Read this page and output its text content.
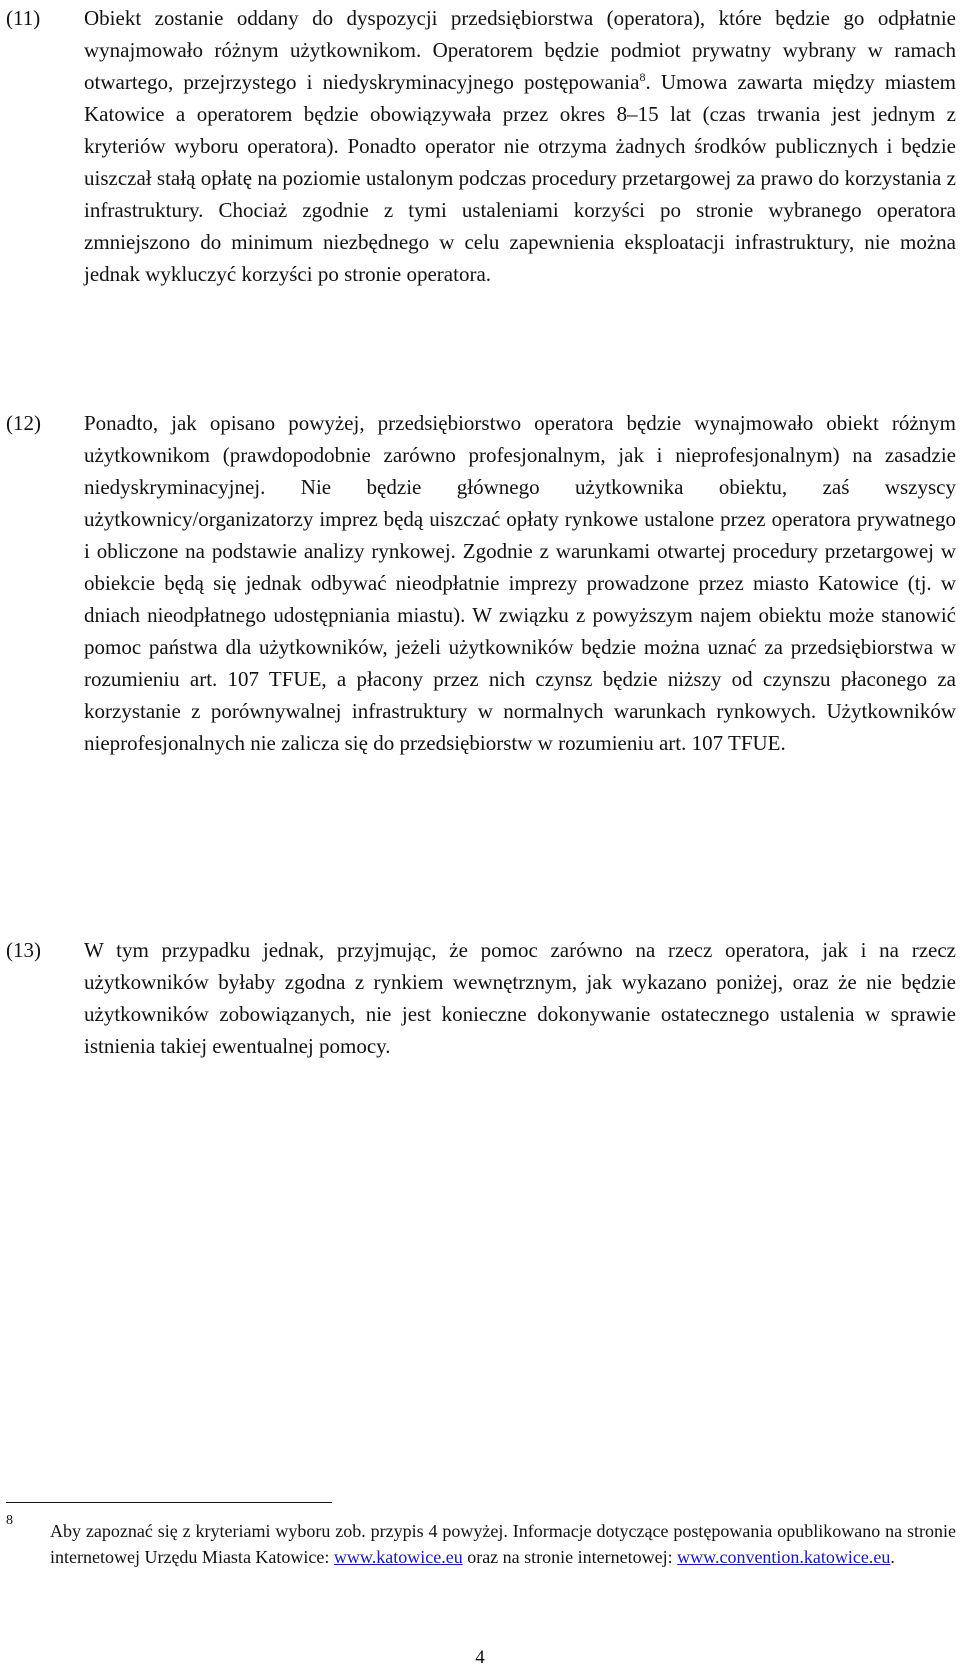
(11) Obiekt zostanie oddany do dyspozycji przedsiębiorstwa (operatora), które będzie go odpłatnie wynajmowało różnym użytkownikom. Operatorem będzie podmiot prywatny wybrany w ramach otwartego, przejrzystego i niedyskryminacyjnego postępowania$^8$. Umowa zawarta między miastem Katowice a operatorem będzie obowiązywała przez okres 8–15 lat (czas trwania jest jednym z kryteriów wyboru operatora). Ponadto operator nie otrzyma żadnych środków publicznych i będzie uiszczał stałą opłatę na poziomie ustalonym podczas procedury przetargowej za prawo do korzystania z infrastruktury. Chociaż zgodnie z tymi ustaleniami korzyści po stronie wybranego operatora zmniejszono do minimum niezbędnego w celu zapewnienia eksploatacji infrastruktury, nie można jednak wykluczyć korzyści po stronie operatora.
(12) Ponadto, jak opisano powyżej, przedsiębiorstwo operatora będzie wynajmowało obiekt różnym użytkownikom (prawdopodobnie zarówno profesjonalnym, jak i nieprofesjonalnym) na zasadzie niedyskryminacyjnej. Nie będzie głównego użytkownika obiektu, zaś wszyscy użytkownicy/organizatorzy imprez będą uiszczać opłaty rynkowe ustalone przez operatora prywatnego i obliczone na podstawie analizy rynkowej. Zgodnie z warunkami otwartej procedury przetargowej w obiekcie będą się jednak odbywać nieodpłatnie imprezy prowadzone przez miasto Katowice (tj. w dniach nieodpłatnego udostępniania miastu). W związku z powyższym najem obiektu może stanowić pomoc państwa dla użytkowników, jeżeli użytkowników będzie można uznać za przedsiębiorstwa w rozumieniu art. 107 TFUE, a płacony przez nich czynsz będzie niższy od czynszu płaconego za korzystanie z porównywalnej infrastruktury w normalnych warunkach rynkowych. Użytkowników nieprofesjonalnych nie zalicza się do przedsiębiorstw w rozumieniu art. 107 TFUE.
(13) W tym przypadku jednak, przyjmując, że pomoc zarówno na rzecz operatora, jak i na rzecz użytkowników byłaby zgodna z rynkiem wewnętrznym, jak wykazano poniżej, oraz że nie będzie użytkowników zobowiązanych, nie jest konieczne dokonywanie ostatecznego ustalenia w sprawie istnienia takiej ewentualnej pomocy.
8
Aby zapoznać się z kryteriami wyboru zob. przypis 4 powyżej. Informacje dotyczące postępowania opublikowano na stronie internetowej Urzędu Miasta Katowice: www.katowice.eu oraz na stronie internetowej: www.convention.katowice.eu.
4
